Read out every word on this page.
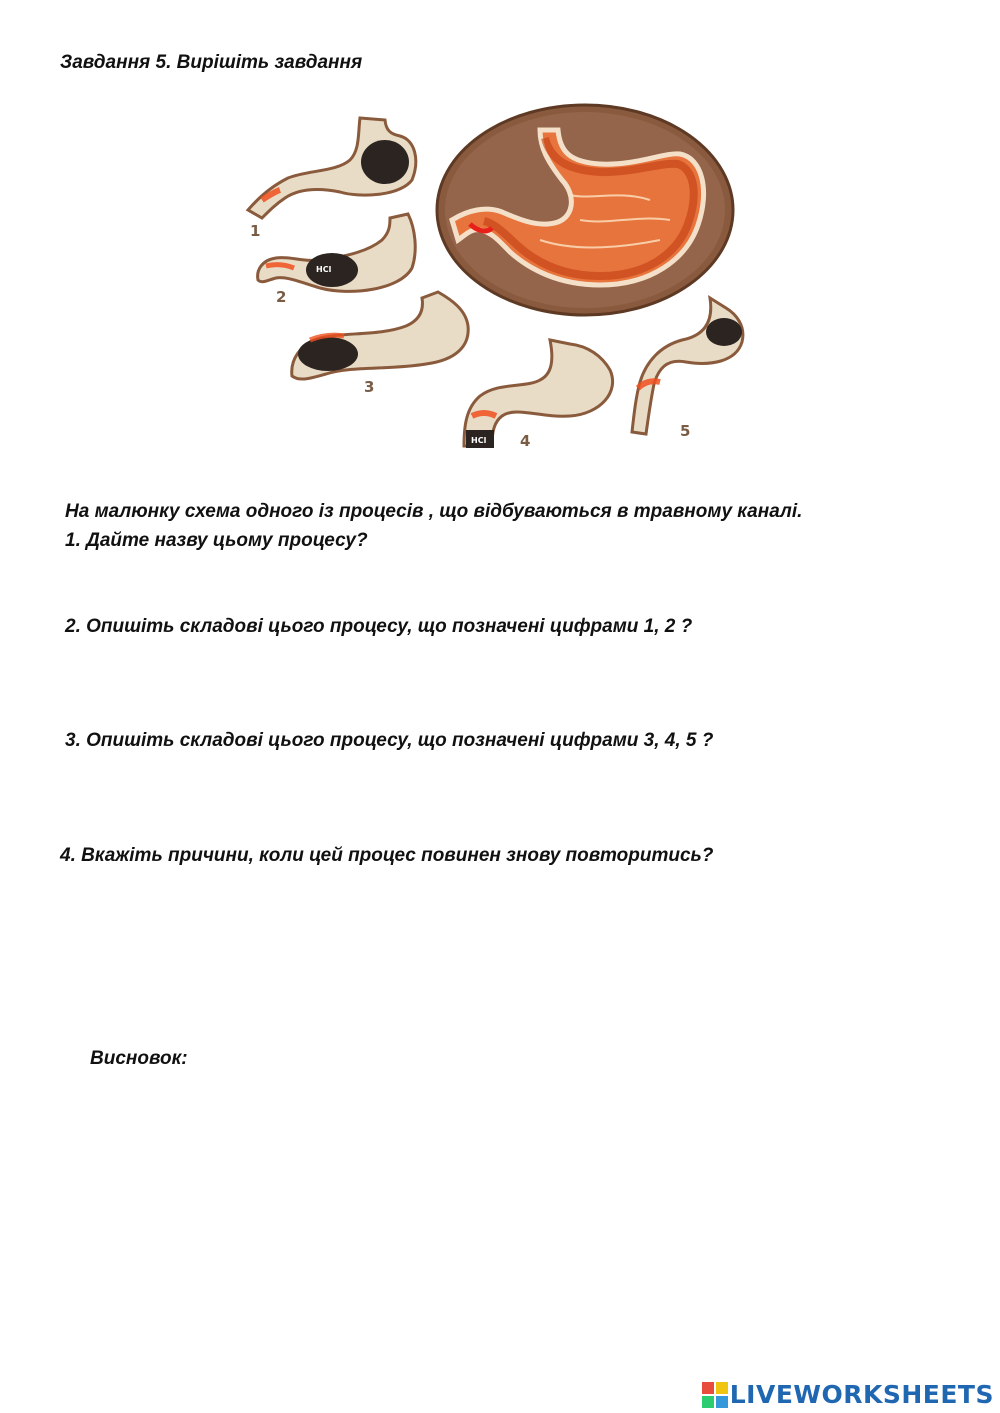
Завдання 5. Вирішіть завдання
1
HCl
2
3
HCl 4
5

На малюнку схема одного із процесів , що відбуваються в травному каналі.

1. Дайте назву цьому процесу?

2. Опишіть складові цього процесу, що позначені цифрами 1, 2 ?

3. Опишіть складові цього процесу, що позначені цифрами 3, 4, 5 ?

4. Вкажіть причини, коли цей процес повинен знову повторитись?

Висновок:

LIVEWORKSHEETS
